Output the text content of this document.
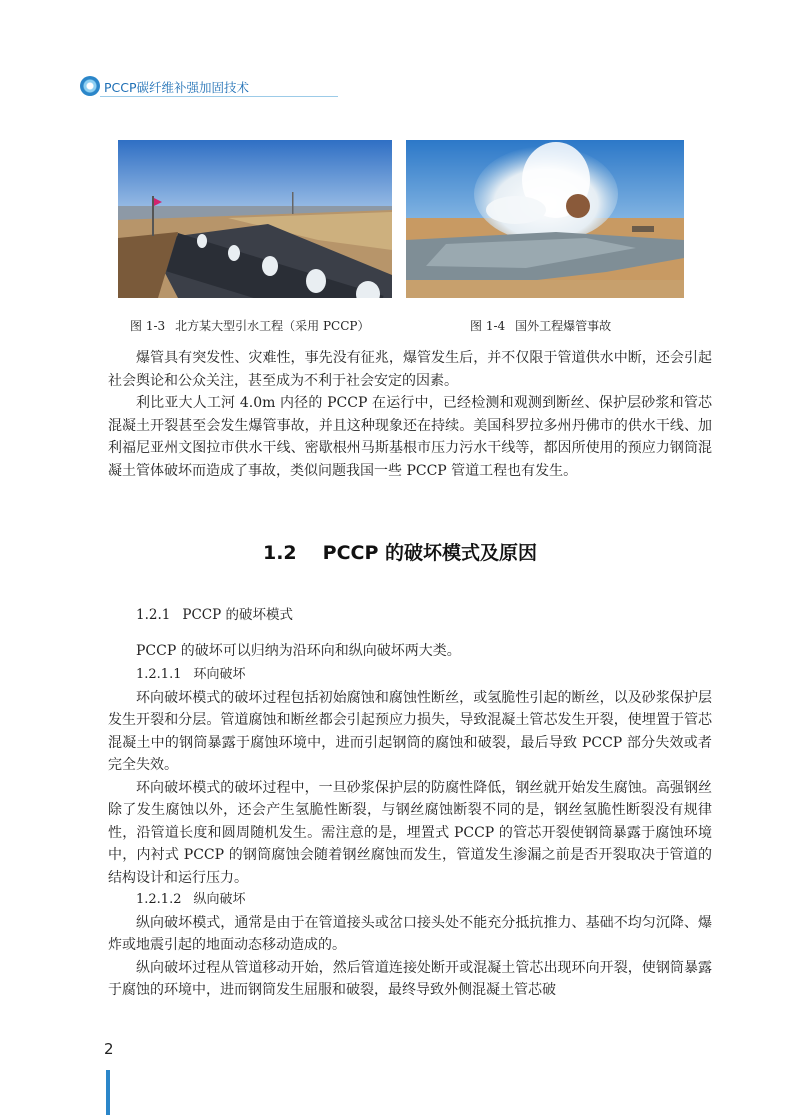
PCCP碳纤维补强加固技术
图 1-3 北方某大型引水工程（采用 PCCP）	图 1-4 国外工程爆管事故

爆管具有突发性、灾难性，事先没有征兆，爆管发生后，并不仅限于管道供水中断，还会引起社会舆论和公众关注，甚至成为不利于社会安定的因素。

利比亚大人工河 4.0m 内径的 PCCP 在运行中，已经检测和观测到断丝、保护层砂浆和管芯混凝土开裂甚至会发生爆管事故，并且这种现象还在持续。美国科罗拉多州丹佛市的供水干线、加利福尼亚州文图拉市供水干线、密歇根州马斯基根市压力污水干线等，都因所使用的预应力钢筒混凝土管体破坏而造成了事故，类似问题我国一些 PCCP 管道工程也有发生。

1.2 PCCP 的破坏模式及原因
1.2.1 PCCP 的破坏模式
PCCP 的破坏可以归纳为沿环向和纵向破坏两大类。
1.2.1.1 环向破坏

环向破坏模式的破坏过程包括初始腐蚀和腐蚀性断丝，或氢脆性引起的断丝，以及砂浆保护层发生开裂和分层。管道腐蚀和断丝都会引起预应力损失，导致混凝土管芯发生开裂，使埋置于管芯混凝土中的钢筒暴露于腐蚀环境中，进而引起钢筒的腐蚀和破裂，最后导致 PCCP 部分失效或者完全失效。

环向破坏模式的破坏过程中，一旦砂浆保护层的防腐性降低，钢丝就开始发生腐蚀。高强钢丝除了发生腐蚀以外，还会产生氢脆性断裂，与钢丝腐蚀断裂不同的是，钢丝氢脆性断裂没有规律性，沿管道长度和圆周随机发生。需注意的是，埋置式 PCCP 的管芯开裂使钢筒暴露于腐蚀环境中，内衬式 PCCP 的钢筒腐蚀会随着钢丝腐蚀而发生，管道发生渗漏之前是否开裂取决于管道的结构设计和运行压力。

1.2.1.2 纵向破坏

纵向破坏模式，通常是由于在管道接头或岔口接头处不能充分抵抗推力、基础不均匀沉降、爆炸或地震引起的地面动态移动造成的。

纵向破坏过程从管道移动开始，然后管道连接处断开或混凝土管芯出现环向开裂，使钢筒暴露于腐蚀的环境中，进而钢筒发生屈服和破裂，最终导致外侧混凝土管芯破

2
